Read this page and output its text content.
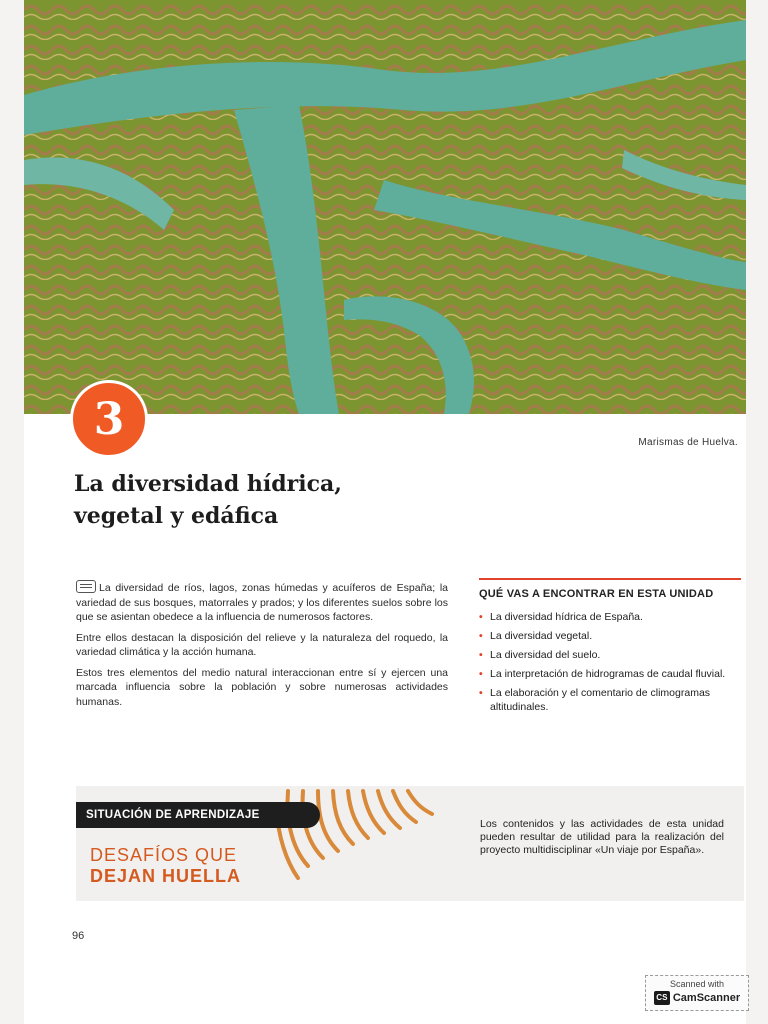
3	Marismas de Huelva.
La diversidad hídrica,
vegetal y edáfica

La diversidad de ríos, lagos, zonas húmedas y acuíferos de España; la variedad de sus bosques, matorrales y prados; y los diferentes suelos sobre los que se asientan obedece a la influencia de numerosos factores.

Entre ellos destacan la disposición del relieve y la naturaleza del roquedo, la variedad climática y la acción humana.

Estos tres elementos del medio natural interaccionan entre sí y ejercen una marcada influencia sobre la población y sobre numerosas actividades humanas.

QUÉ VAS A ENCONTRAR EN ESTA UNIDAD
• La diversidad hídrica de España.
• La diversidad vegetal.
• La diversidad del suelo.
• La interpretación de hidrogramas de caudal fluvial.
• La elaboración y el comentario de climogramas altitudinales.
SITUACIÓN DE APRENDIZAJE
DESAFÍOS QUE
DEJAN HUELLA
Los contenidos y las actividades de esta unidad pueden resultar de utilidad para la realización del proyecto multidisciplinar «Un viaje por España».
96
Scanned with
CS CamScanner
